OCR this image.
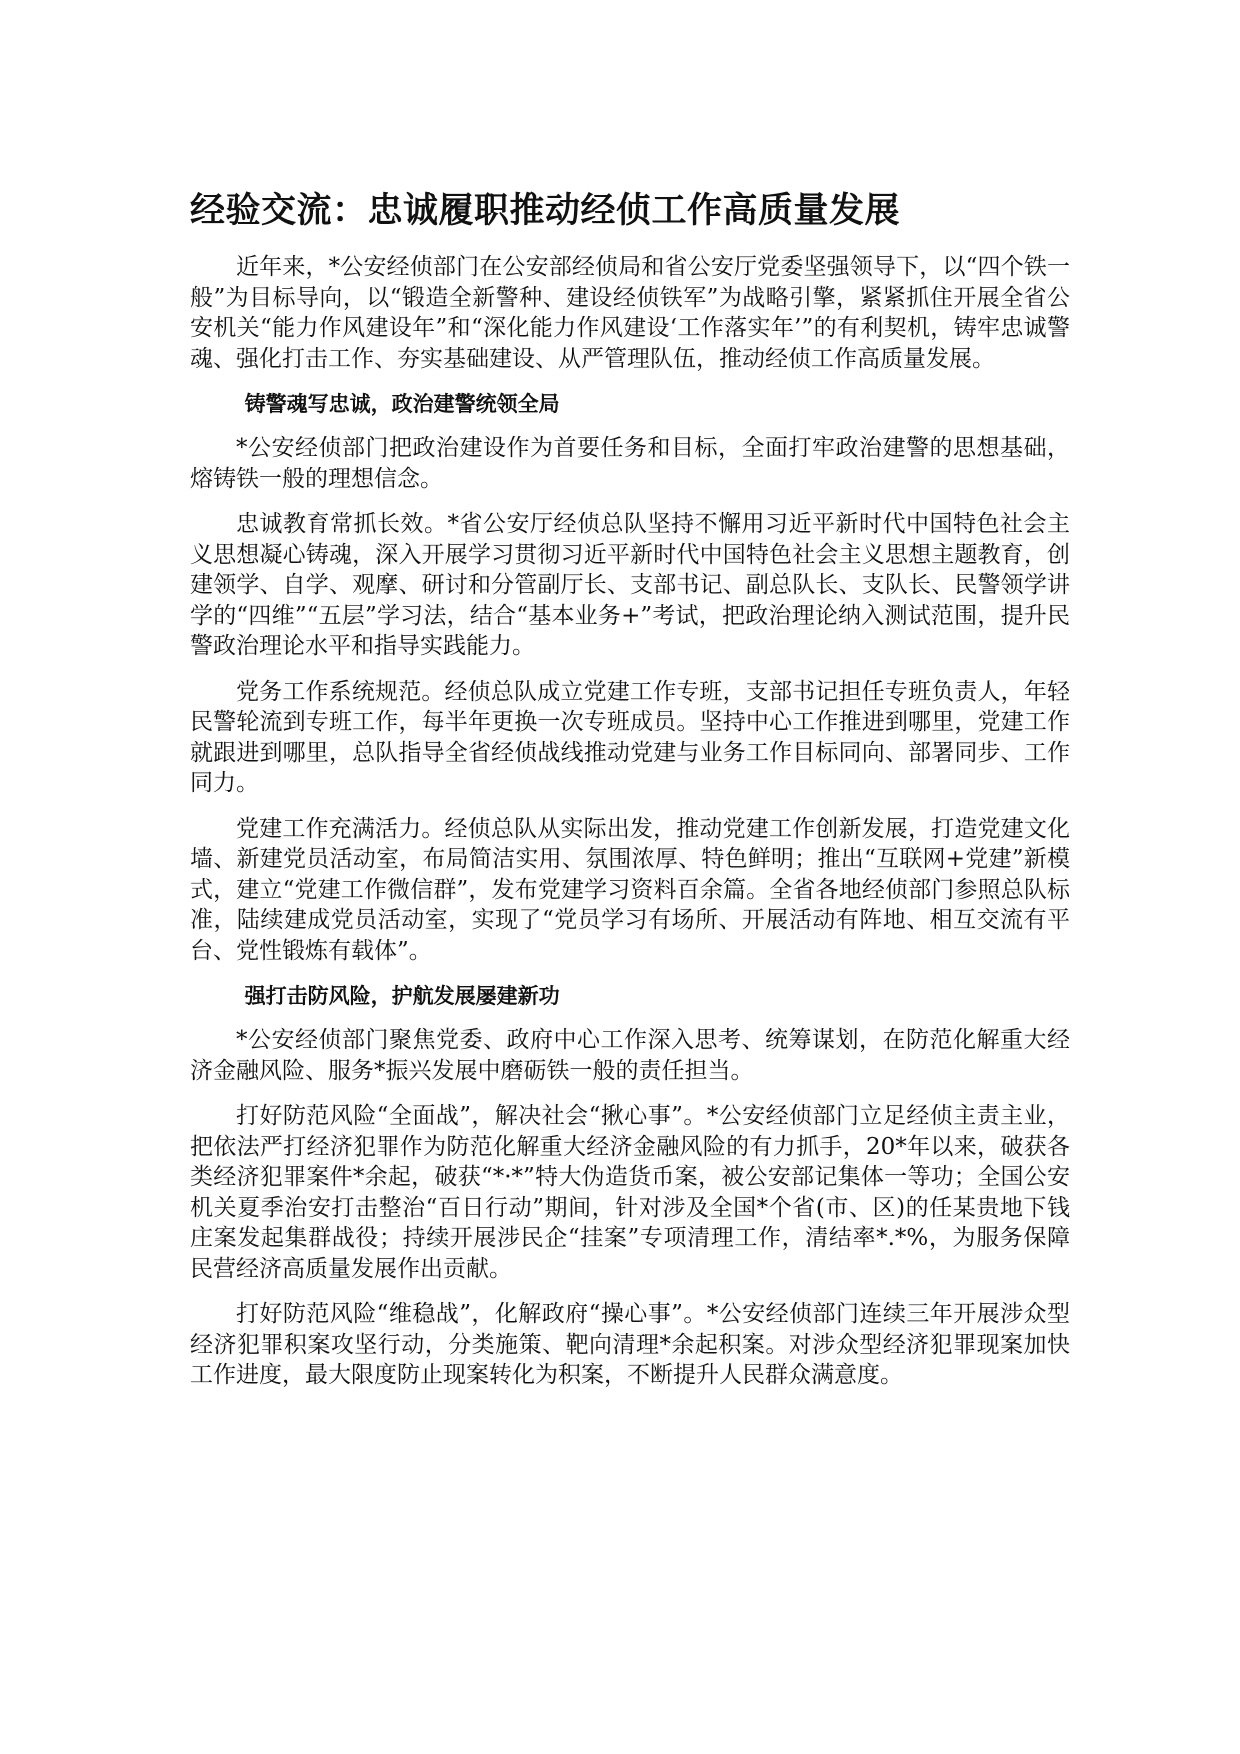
经验交流：忠诚履职推动经侦工作高质量发展

近年来，*公安经侦部门在公安部经侦局和省公安厅党委坚强领导下，以“四个铁一般”为目标导向，以“锻造全新警种、建设经侦铁军”为战略引擎，紧紧抓住开展全省公安机关“能力作风建设年”和“深化能力作风建设‘工作落实年’”的有利契机，铸牢忠诚警魂、强化打击工作、夯实基础建设、从严管理队伍，推动经侦工作高质量发展。

铸警魂写忠诚，政治建警统领全局

*公安经侦部门把政治建设作为首要任务和目标，全面打牢政治建警的思想基础，熔铸铁一般的理想信念。

忠诚教育常抓长效。*省公安厅经侦总队坚持不懈用习近平新时代中国特色社会主义思想凝心铸魂，深入开展学习贯彻习近平新时代中国特色社会主义思想主题教育，创建领学、自学、观摩、研讨和分管副厅长、支部书记、副总队长、支队长、民警领学讲学的“四维”“五层”学习法，结合“基本业务+”考试，把政治理论纳入测试范围，提升民警政治理论水平和指导实践能力。

党务工作系统规范。经侦总队成立党建工作专班，支部书记担任专班负责人，年轻民警轮流到专班工作，每半年更换一次专班成员。坚持中心工作推进到哪里，党建工作就跟进到哪里，总队指导全省经侦战线推动党建与业务工作目标同向、部署同步、工作同力。

党建工作充满活力。经侦总队从实际出发，推动党建工作创新发展，打造党建文化墙、新建党员活动室，布局简洁实用、氛围浓厚、特色鲜明；推出“互联网+党建”新模式，建立“党建工作微信群”，发布党建学习资料百余篇。全省各地经侦部门参照总队标准，陆续建成党员活动室，实现了“党员学习有场所、开展活动有阵地、相互交流有平台、党性锻炼有载体”。

强打击防风险，护航发展屡建新功

*公安经侦部门聚焦党委、政府中心工作深入思考、统筹谋划，在防范化解重大经济金融风险、服务*振兴发展中磨砺铁一般的责任担当。

打好防范风险“全面战”，解决社会“揪心事”。*公安经侦部门立足经侦主责主业，把依法严打经济犯罪作为防范化解重大经济金融风险的有力抓手，20*年以来，破获各类经济犯罪案件*余起，破获“*·*”特大伪造货币案，被公安部记集体一等功；全国公安机关夏季治安打击整治“百日行动”期间，针对涉及全国*个省(市、区)的任某贵地下钱庄案发起集群战役；持续开展涉民企“挂案”专项清理工作，清结率*.*%，为服务保障民营经济高质量发展作出贡献。

打好防范风险“维稳战”，化解政府“操心事”。*公安经侦部门连续三年开展涉众型经济犯罪积案攻坚行动，分类施策、靶向清理*余起积案。对涉众型经济犯罪现案加快工作进度，最大限度防止现案转化为积案，不断提升人民群众满意度。
